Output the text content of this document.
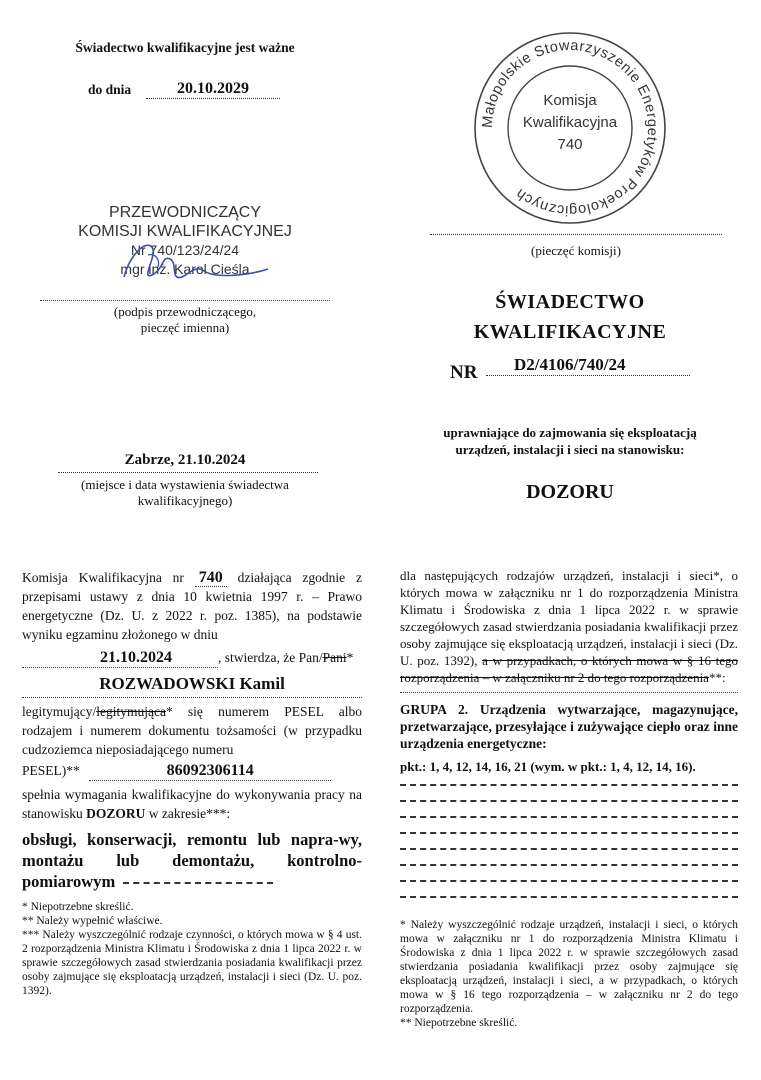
Świadectwo kwalifikacyjne jest ważne
do dnia	20.10.2029
Małopolskie Stowarzyszenie Energetyków Proekologicznych
Komisja
Kwalifikacyjna
740
(pieczęć komisji)
PRZEWODNICZĄCY
KOMISJI KWALIFIKACYJNEJ
Nr 740/123/24/24
mgr inż. Karol Cieśla
(podpis przewodniczącego,
pieczęć imienna)
ŚWIADECTWO
KWALIFIKACYJNE
NR	D2/4106/740/24
uprawniające do zajmowania się eksploatacją
urządzeń, instalacji i sieci na stanowisku:
DOZORU
Zabrze, 21.10.2024
(miejsce i data wystawienia świadectwa
kwalifikacyjnego)
Komisja Kwalifikacyjna nr 740 działająca zgodnie z przepisami ustawy z dnia 10 kwietnia 1997 r. – Prawo energetyczne (Dz. U. z 2022 r. poz. 1385), na podstawie wyniku egzaminu złożonego w dniu
21.10.2024	, stwierdza, że Pan/Pani*
ROZWADOWSKI Kamil
legitymujący/legitymująca* się numerem PESEL albo rodzajem i numerem dokumentu tożsamości (w przypadku cudzoziemca nieposiadającego numeru
PESEL)**	86092306114
spełnia wymagania kwalifikacyjne do wykonywania pracy na stanowisku DOZORU w zakresie***:
obsługi, konserwacji, remontu lub napra-wy, montażu lub demontażu, kontrolno-pomiarowym
* Niepotrzebne skreślić.
** Należy wypełnić właściwe.
*** Należy wyszczególnić rodzaje czynności, o których mowa w § 4 ust. 2 rozporządzenia Ministra Klimatu i Środowiska z dnia 1 lipca 2022 r. w sprawie szczegółowych zasad stwierdzania posiadania kwalifikacji przez osoby zajmujące się eksploatacją urządzeń, instalacji i sieci (Dz. U. poz. 1392).
dla następujących rodzajów urządzeń, instalacji i sieci*, o których mowa w załączniku nr 1 do rozporządzenia Ministra Klimatu i Środowiska z dnia 1 lipca 2022 r. w sprawie szczegółowych zasad stwierdzania posiadania kwalifikacji przez osoby zajmujące się eksploatacją urządzeń, instalacji i sieci (Dz. U. poz. 1392), a w przypadkach, o których mowa w § 16 tego rozporządzenia – w załączniku nr 2 do tego rozporządzenia**:
GRUPA 2. Urządzenia wytwarzające, magazynujące, przetwarzające, przesyłające i zużywające ciepło oraz inne urządzenia energetyczne:
pkt.: 1, 4, 12, 14, 16, 21 (wym. w pkt.: 1, 4, 12, 14, 16).
* Należy wyszczególnić rodzaje urządzeń, instalacji i sieci, o których mowa w załączniku nr 1 do rozporządzenia Ministra Klimatu i Środowiska z dnia 1 lipca 2022 r. w sprawie szczegółowych zasad stwierdzania posiadania kwalifikacji przez osoby zajmujące się eksploatacją urządzeń, instalacji i sieci, a w przypadkach, o których mowa w § 16 tego rozporządzenia – w załączniku nr 2 do tego rozporządzenia.
** Niepotrzebne skreślić.
